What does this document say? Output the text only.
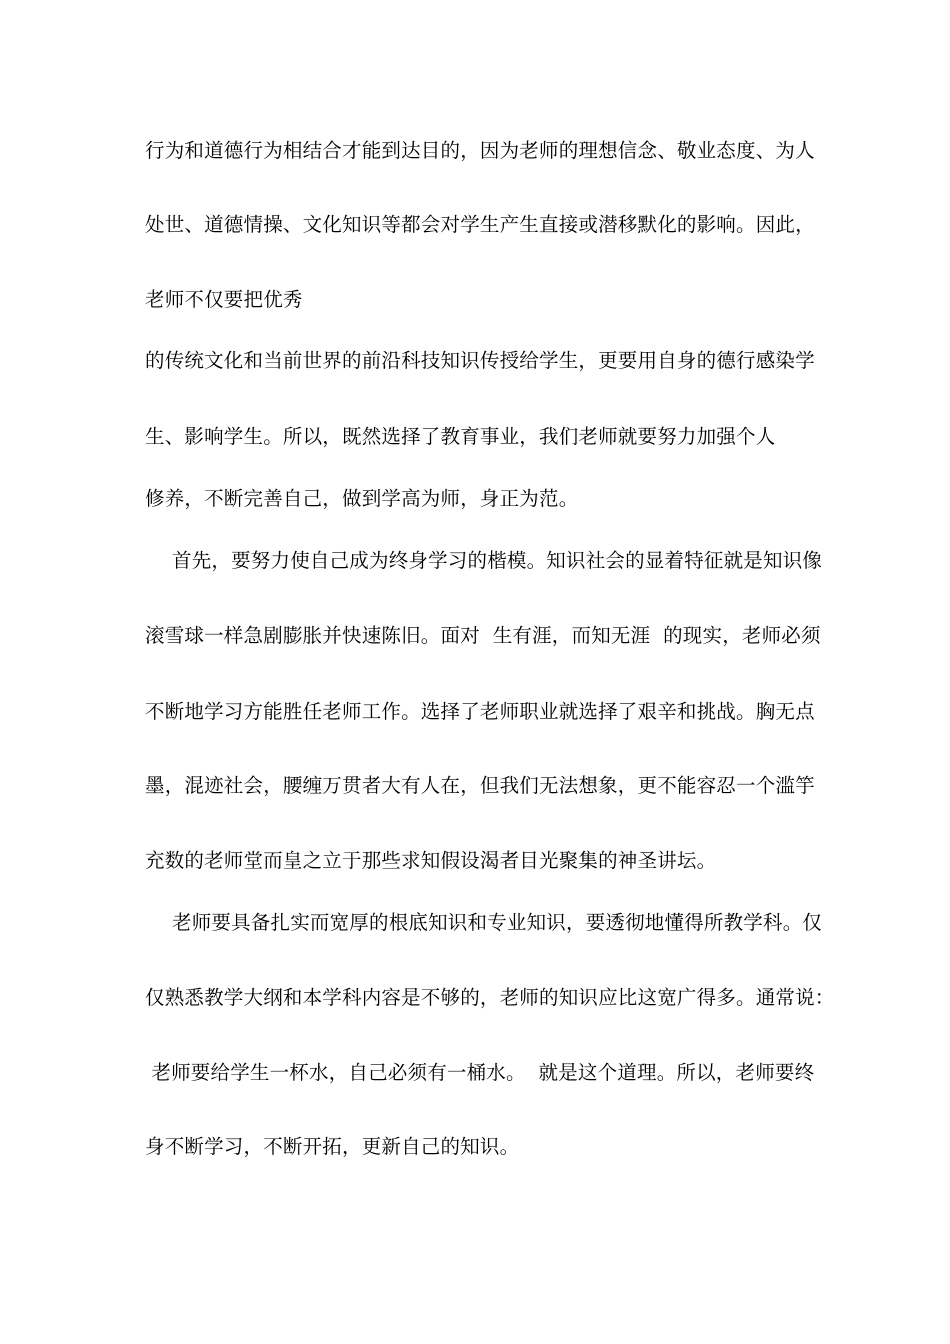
行为和道德行为相结合才能到达目的，因为老师的理想信念、敬业态度、为人
处世、道德情操、文化知识等都会对学生产生直接或潜移默化的影响。因此，
老师不仅要把优秀
的传统文化和当前世界的前沿科技知识传授给学生，更要用自身的德行感染学
生、影响学生。所以，既然选择了教育事业，我们老师就要努力加强个人
修养，不断完善自己，做到学高为师，身正为范。
首先，要努力使自己成为终身学习的楷模。知识社会的显着特征就是知识像
滚雪球一样急剧膨胀并快速陈旧。面对  生有涯，而知无涯  的现实，老师必须
不断地学习方能胜任老师工作。选择了老师职业就选择了艰辛和挑战。胸无点
墨，混迹社会，腰缠万贯者大有人在，但我们无法想象，更不能容忍一个滥竽
充数的老师堂而皇之立于那些求知假设渴者目光聚集的神圣讲坛。
老师要具备扎实而宽厚的根底知识和专业知识，要透彻地懂得所教学科。仅
仅熟悉教学大纲和本学科内容是不够的，老师的知识应比这宽广得多。通常说：
老师要给学生一杯水，自己必须有一桶水。  就是这个道理。所以，老师要终
身不断学习，不断开拓，更新自己的知识。
